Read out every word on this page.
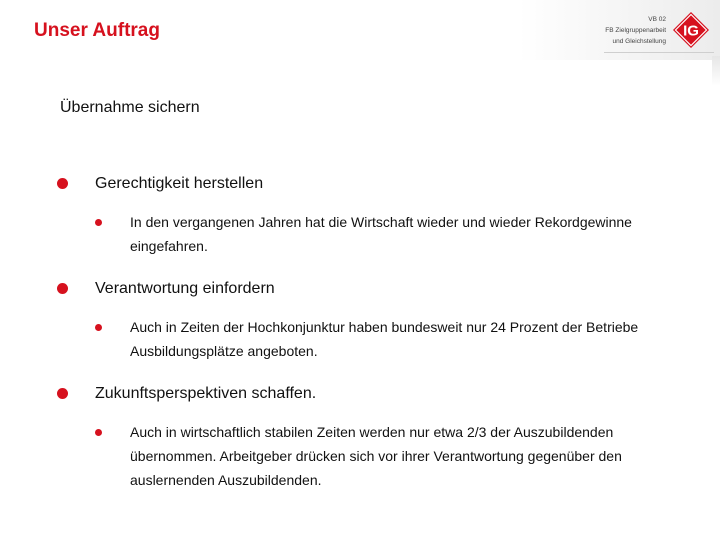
Unser Auftrag
VB 02
FB Zielgruppenarbeit
und Gleichstellung
IG
Übernahme sichern
Gerechtigkeit herstellen
In den vergangenen Jahren hat die Wirtschaft wieder und wieder Rekordgewinne eingefahren.
Verantwortung einfordern
Auch in Zeiten der Hochkonjunktur haben bundesweit nur 24 Prozent der Betriebe Ausbildungsplätze angeboten.
Zukunftsperspektiven schaffen.
Auch in wirtschaftlich stabilen Zeiten werden nur etwa 2/3 der Auszubildenden übernommen. Arbeitgeber drücken sich vor ihrer Verantwortung gegenüber den auslernenden Auszubildenden.
